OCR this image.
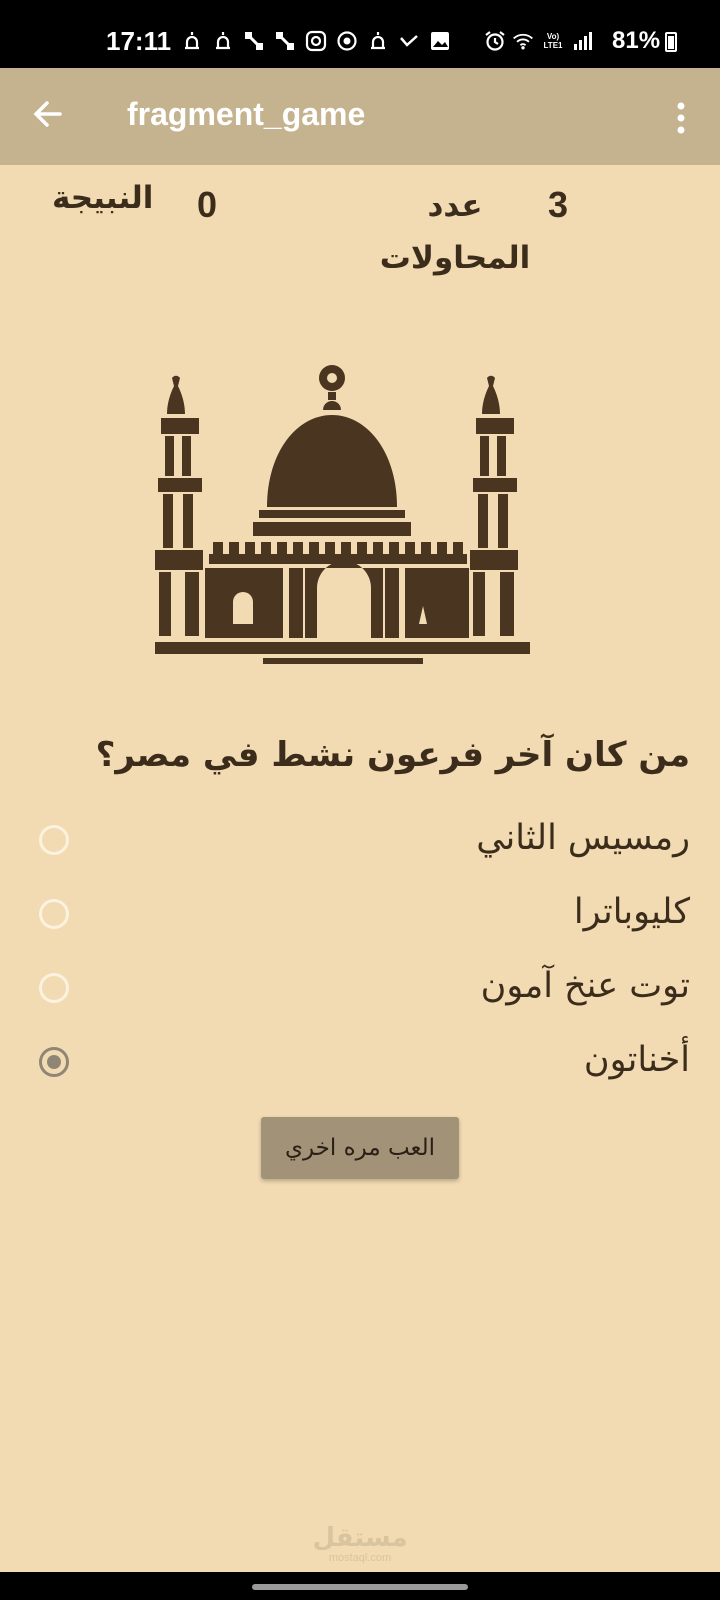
17:11	Vo) LTE1 81%
fragment_game
النبيجة 0	عدد المحاولات
3
من كان آخر فرعون نشط في مصر؟
رمسيس الثاني
كليوباترا
توت عنخ آمون
أخناتون
العب مره اخري
مستقل
mostaql.com
